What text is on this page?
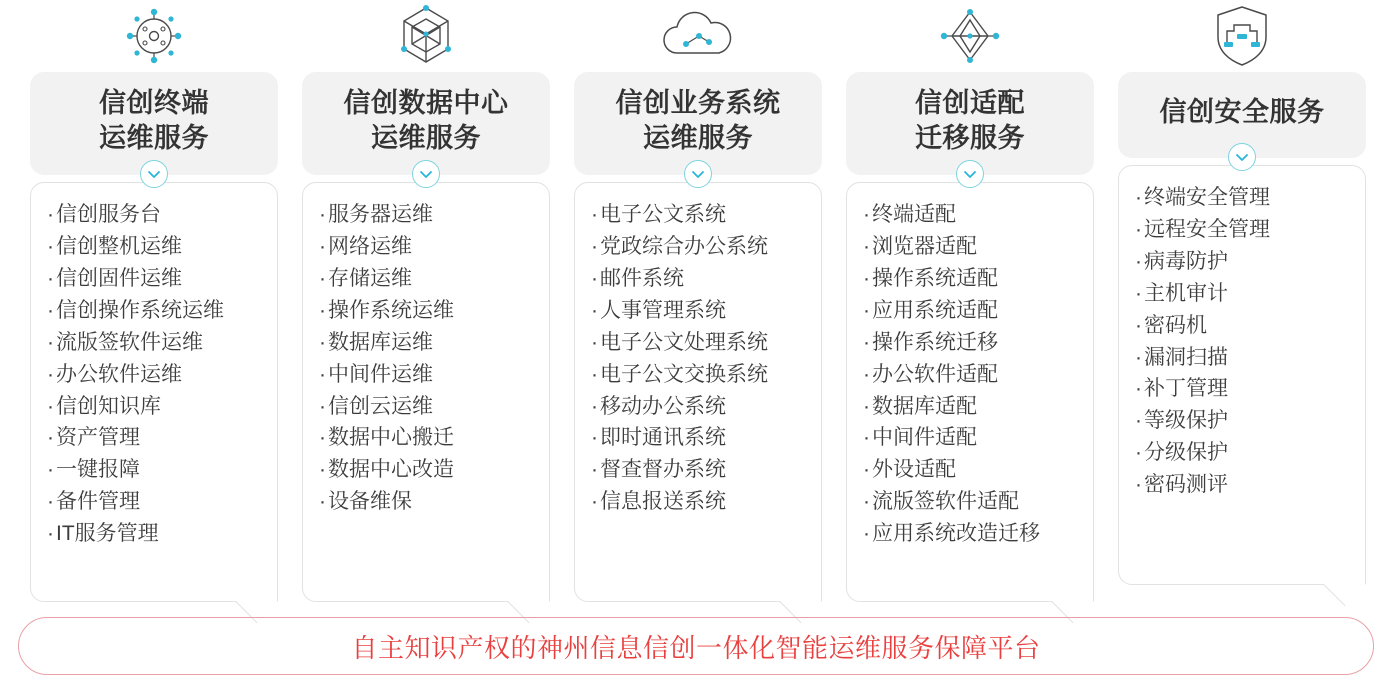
信创终端
运维服务
·信创服务台
·信创整机运维
·信创固件运维
·信创操作系统运维
·流版签软件运维
·办公软件运维
·信创知识库
·资产管理
·一键报障
·备件管理
·IT服务管理
信创数据中心
运维服务
·服务器运维
·网络运维
·存储运维
·操作系统运维
·数据库运维
·中间件运维
·信创云运维
·数据中心搬迁
·数据中心改造
·设备维保
信创业务系统
运维服务
·电子公文系统
·党政综合办公系统
·邮件系统
·人事管理系统
·电子公文处理系统
·电子公文交换系统
·移动办公系统
·即时通讯系统
·督查督办系统
·信息报送系统
信创适配
迁移服务
·终端适配
·浏览器适配
·操作系统适配
·应用系统适配
·操作系统迁移
·办公软件适配
·数据库适配
·中间件适配
·外设适配
·流版签软件适配
·应用系统改造迁移
信创安全服务
·终端安全管理
·远程安全管理
·病毒防护
·主机审计
·密码机
·漏洞扫描
·补丁管理
·等级保护
·分级保护
·密码测评
自主知识产权的神州信息信创一体化智能运维服务保障平台
